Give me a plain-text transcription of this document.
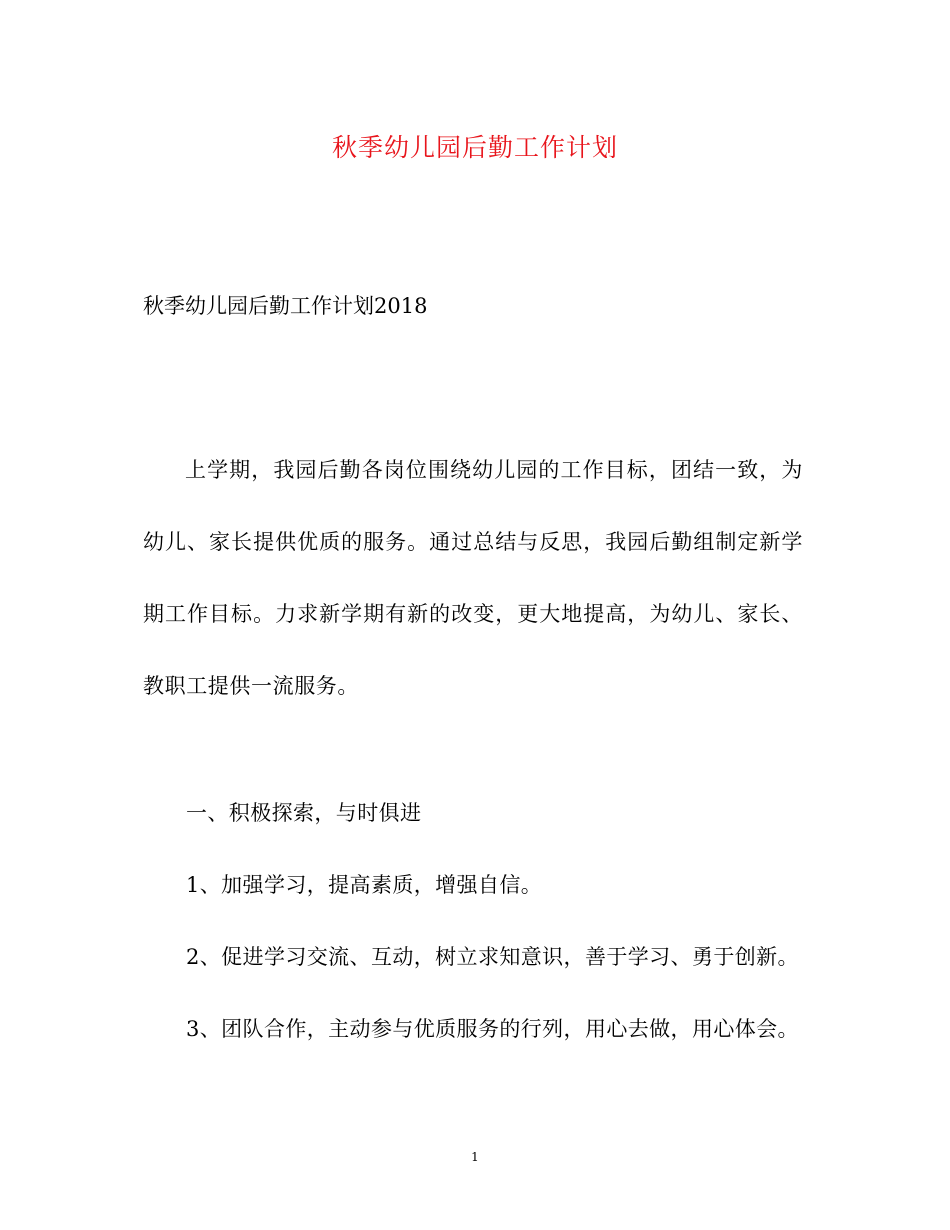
秋季幼儿园后勤工作计划

秋季幼儿园后勤工作计划2018

上学期，我园后勤各岗位围绕幼儿园的工作目标，团结一致，为幼儿、家长提供优质的服务。通过总结与反思，我园后勤组制定新学期工作目标。力求新学期有新的改变，更大地提高，为幼儿、家长、教职工提供一流服务。

一、积极探索，与时俱进

1、加强学习，提高素质，增强自信。

2、促进学习交流、互动，树立求知意识，善于学习、勇于创新。

3、团队合作，主动参与优质服务的行列，用心去做，用心体会。

1
